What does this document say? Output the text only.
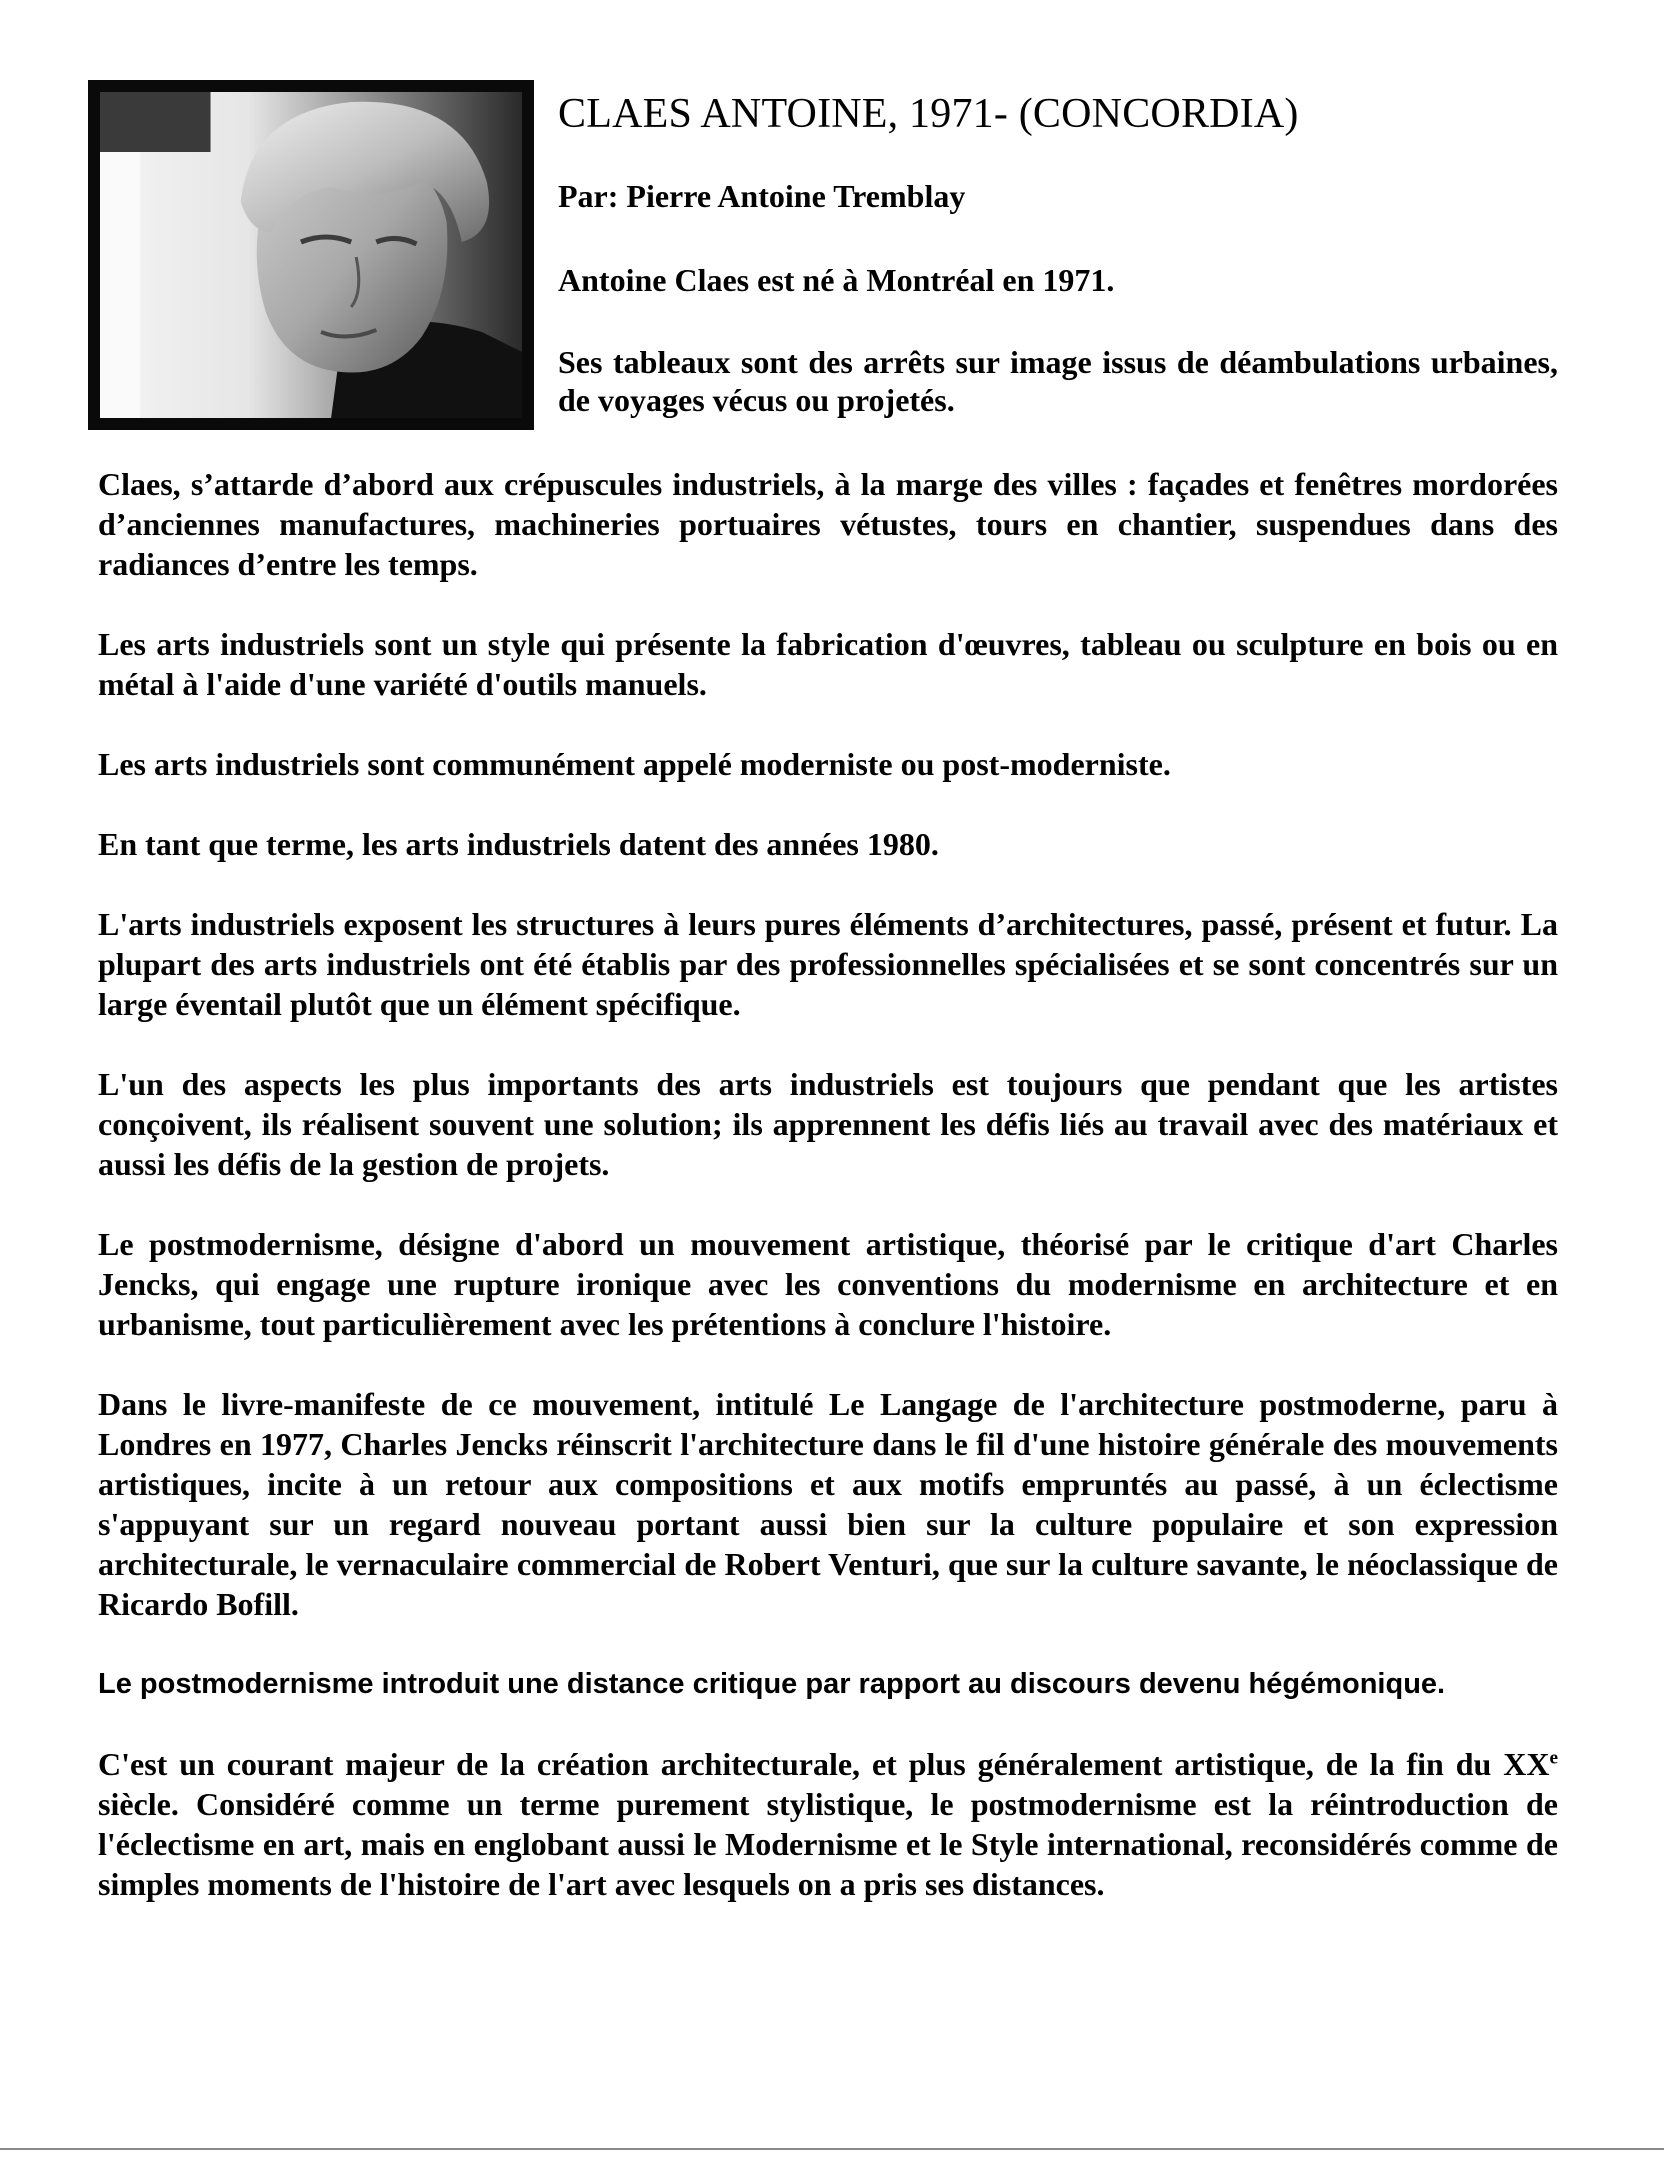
CLAES ANTOINE, 1971- (CONCORDIA)

Par: Pierre Antoine Tremblay

Antoine Claes est né à Montréal en 1971.

Ses tableaux sont des arrêts sur image issus de déambulations urbaines, de voyages vécus ou projetés.

Claes, s’attarde d’abord aux crépuscules industriels, à la marge des villes : façades et fenêtres mordorées d’anciennes manufactures, machineries portuaires vétustes, tours en chantier, suspendues dans des radiances d’entre les temps.

Les arts industriels sont un style qui présente la fabrication d'œuvres, tableau ou sculpture en bois ou en métal à l'aide d'une variété d'outils manuels.

Les arts industriels sont communément appelé moderniste ou post-moderniste.

En tant que terme, les arts industriels datent des années 1980.

L'arts industriels exposent les structures à leurs pures éléments d’architectures, passé, présent et futur. La plupart des arts industriels ont été établis par des professionnelles spécialisées et se sont concentrés sur un large éventail plutôt que un élément spécifique.

L'un des aspects les plus importants des arts industriels est toujours que pendant que les artistes conçoivent, ils réalisent souvent une solution; ils apprennent les défis liés au travail avec des matériaux et aussi les défis de la gestion de projets.

Le postmodernisme, désigne d'abord un mouvement artistique, théorisé par le critique d'art Charles Jencks, qui engage une rupture ironique avec les conventions du modernisme en architecture et en urbanisme, tout particulièrement avec les prétentions à conclure l'histoire.

Dans le livre-manifeste de ce mouvement, intitulé Le Langage de l'architecture postmoderne, paru à Londres en 1977, Charles Jencks réinscrit l'architecture dans le fil d'une histoire générale des mouvements artistiques, incite à un retour aux compositions et aux motifs empruntés au passé, à un éclectisme s'appuyant sur un regard nouveau portant aussi bien sur la culture populaire et son expression architecturale, le vernaculaire commercial de Robert Venturi, que sur la culture savante, le néoclassique de Ricardo Bofill.

Le postmodernisme introduit une distance critique par rapport au discours devenu hégémonique.

C'est un courant majeur de la création architecturale, et plus généralement artistique, de la fin du XXe siècle. Considéré comme un terme purement stylistique, le postmodernisme est la réintroduction de l'éclectisme en art, mais en englobant aussi le Modernisme et le Style international, reconsidérés comme de simples moments de l'histoire de l'art avec lesquels on a pris ses distances.
